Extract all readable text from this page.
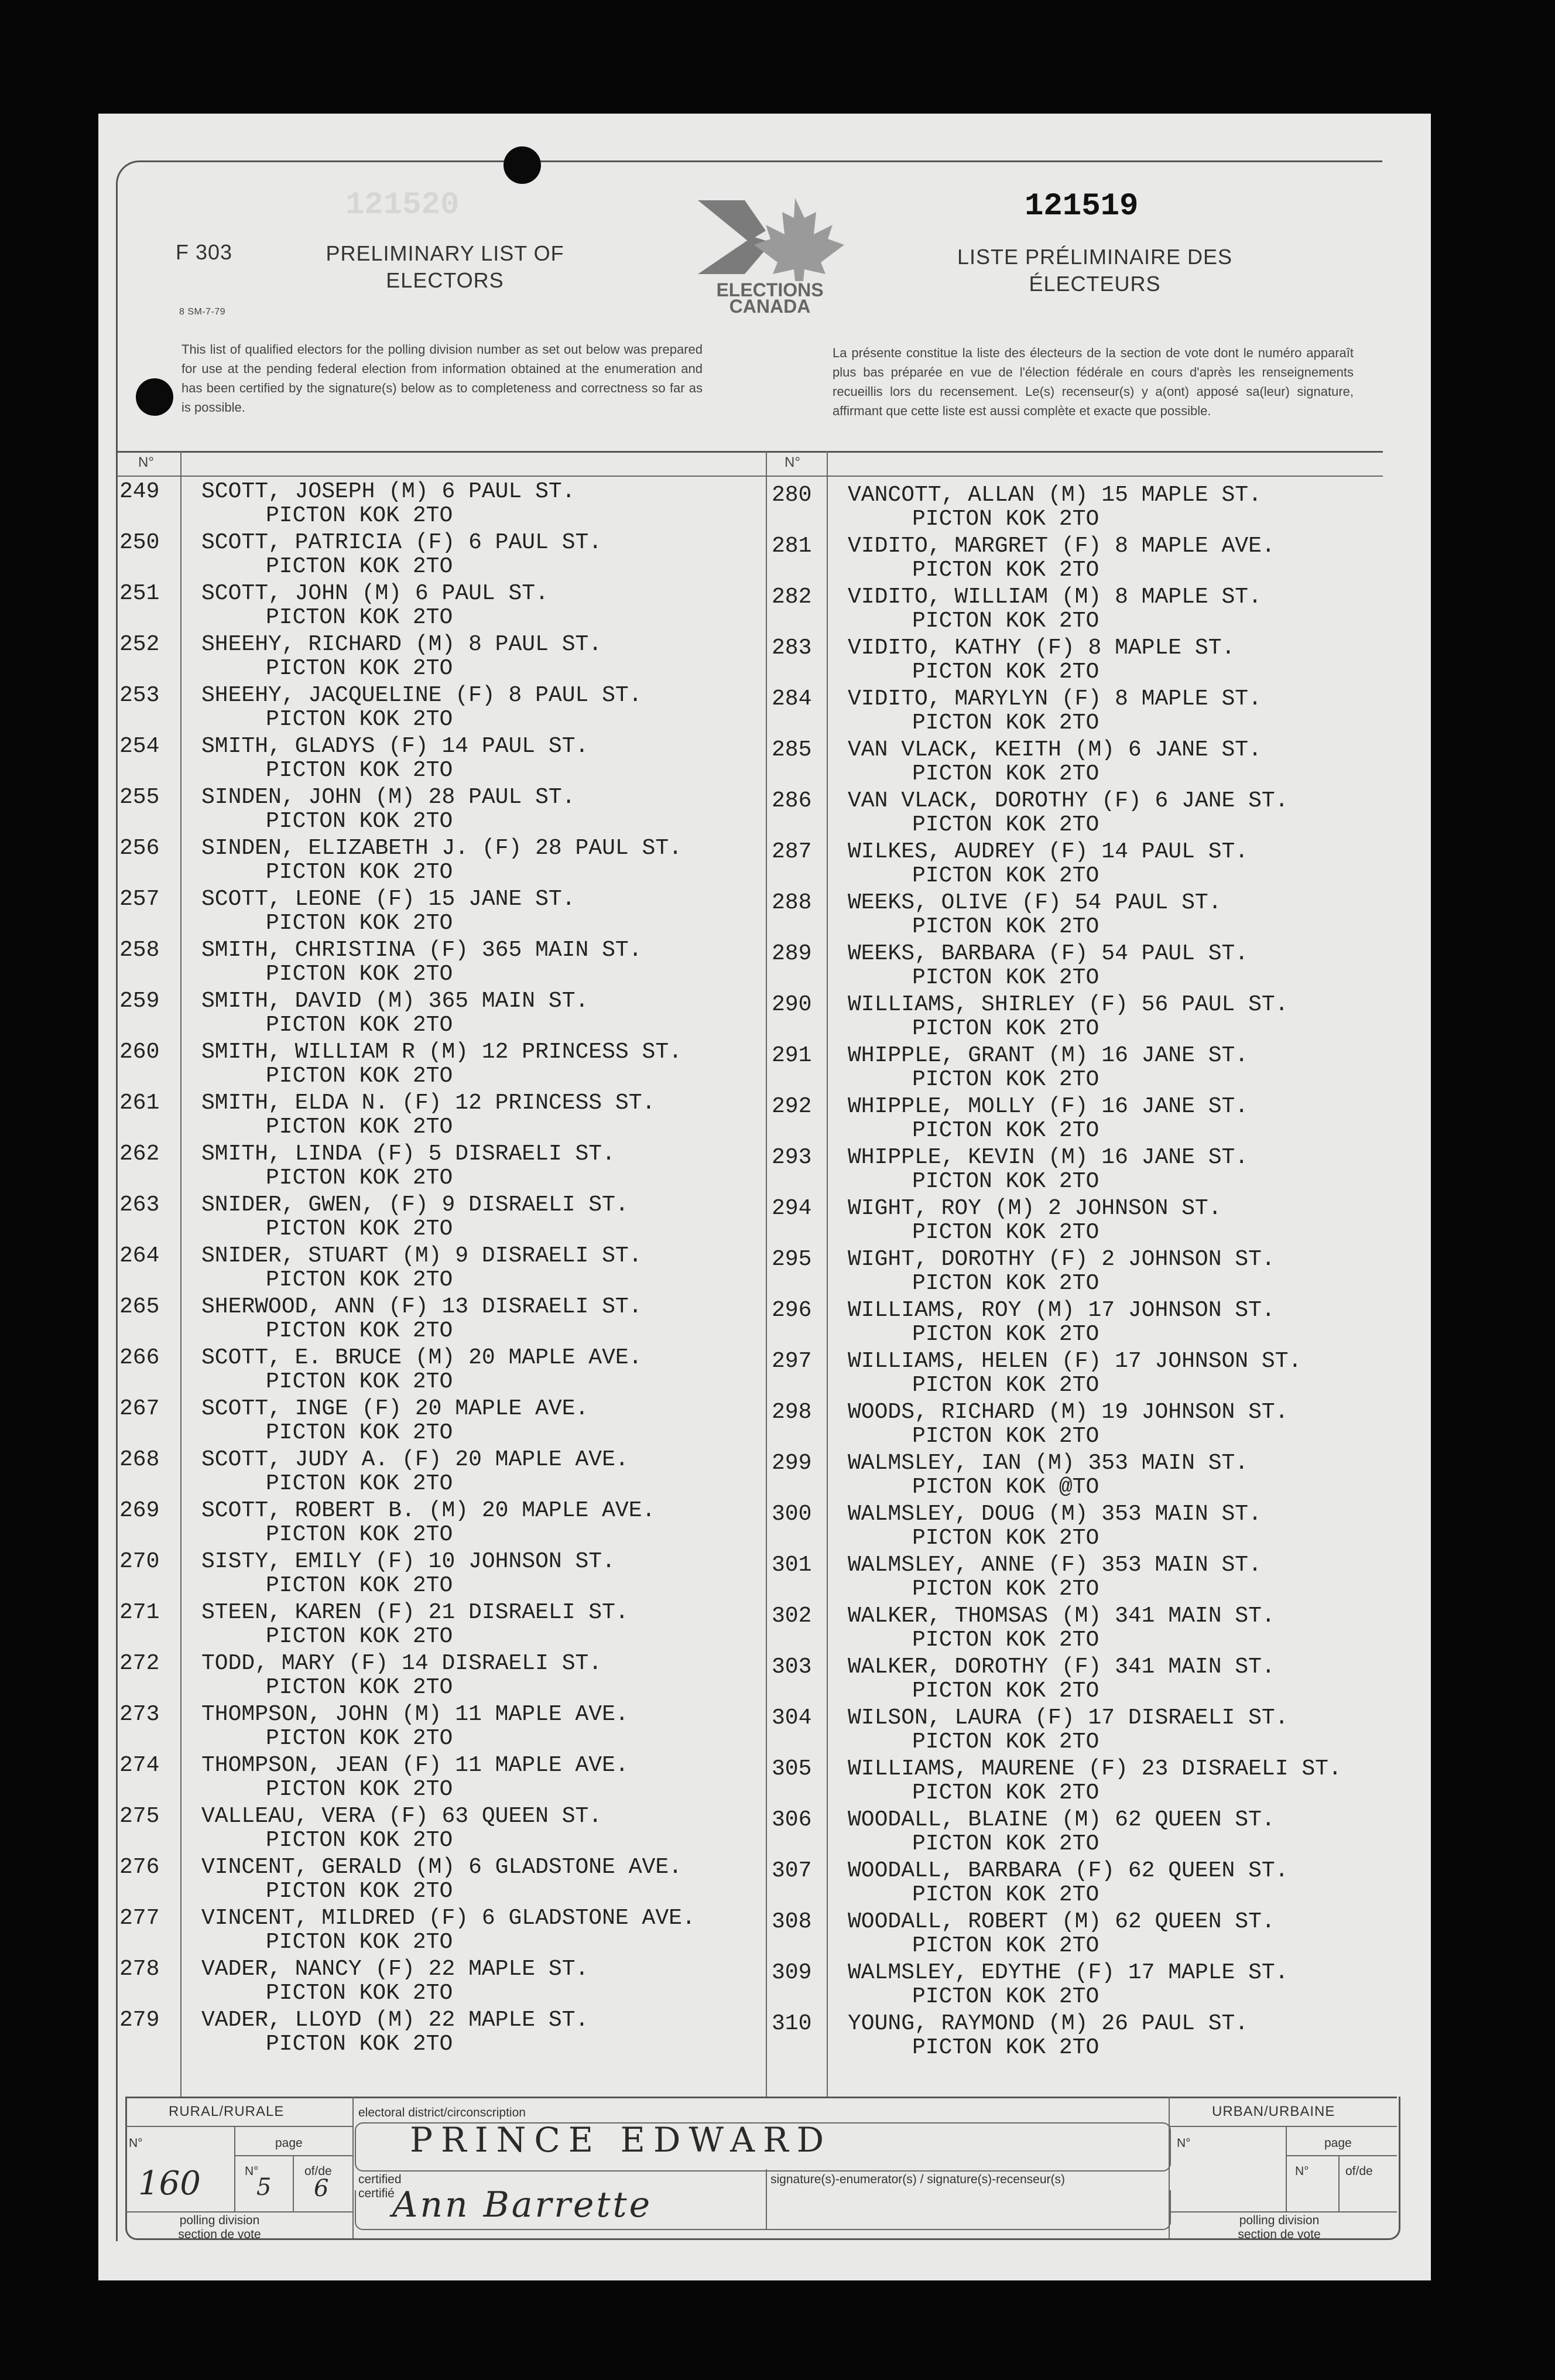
F 303
8 SM-7-79
PRELIMINARY LIST OF ELECTORS
LISTE PRÉLIMINAIRE DES ÉLECTEURS
121520	121519
ELECTIONS
CANADA
This list of qualified electors for the polling division number as set out below was prepared for use at the pending federal election from information obtained at the enumeration and has been certified by the signature(s) below as to completeness and correctness so far as is possible.
La présente constitue la liste des électeurs de la section de vote dont le numéro apparaît plus bas préparée en vue de l'élection fédérale en cours d'après les renseignements recueillis lors du recensement. Le(s) recenseur(s) y a(ont) apposé sa(leur) signature, affirmant que cette liste est aussi complète et exacte que possible.
N°	N°
249	SCOTT, JOSEPH (M) 6 PAUL ST.
PICTON KOK 2TO
250	SCOTT, PATRICIA (F) 6 PAUL ST.
PICTON KOK 2TO
251	SCOTT, JOHN (M) 6 PAUL ST.
PICTON KOK 2TO
252	SHEEHY, RICHARD (M) 8 PAUL ST.
PICTON KOK 2TO
253	SHEEHY, JACQUELINE (F) 8 PAUL ST.
PICTON KOK 2TO
254	SMITH, GLADYS (F) 14 PAUL ST.
PICTON KOK 2TO
255	SINDEN, JOHN (M) 28 PAUL ST.
PICTON KOK 2TO
256	SINDEN, ELIZABETH J. (F) 28 PAUL ST.
PICTON KOK 2TO
257	SCOTT, LEONE (F) 15 JANE ST.
PICTON KOK 2TO
258	SMITH, CHRISTINA (F) 365 MAIN ST.
PICTON KOK 2TO
259	SMITH, DAVID (M) 365 MAIN ST.
PICTON KOK 2TO
260	SMITH, WILLIAM R (M) 12 PRINCESS ST.
PICTON KOK 2TO
261	SMITH, ELDA N. (F) 12 PRINCESS ST.
PICTON KOK 2TO
262	SMITH, LINDA (F) 5 DISRAELI ST.
PICTON KOK 2TO
263	SNIDER, GWEN, (F) 9 DISRAELI ST.
PICTON KOK 2TO
264	SNIDER, STUART (M) 9 DISRAELI ST.
PICTON KOK 2TO
265	SHERWOOD, ANN (F) 13 DISRAELI ST.
PICTON KOK 2TO
266	SCOTT, E. BRUCE (M) 20 MAPLE AVE.
PICTON KOK 2TO
267	SCOTT, INGE (F) 20 MAPLE AVE.
PICTON KOK 2TO
268	SCOTT, JUDY A. (F) 20 MAPLE AVE.
PICTON KOK 2TO
269	SCOTT, ROBERT B. (M) 20 MAPLE AVE.
PICTON KOK 2TO
270	SISTY, EMILY (F) 10 JOHNSON ST.
PICTON KOK 2TO
271	STEEN, KAREN (F) 21 DISRAELI ST.
PICTON KOK 2TO
272	TODD, MARY (F) 14 DISRAELI ST.
PICTON KOK 2TO
273	THOMPSON, JOHN (M) 11 MAPLE AVE.
PICTON KOK 2TO
274	THOMPSON, JEAN (F) 11 MAPLE AVE.
PICTON KOK 2TO
275	VALLEAU, VERA (F) 63 QUEEN ST.
PICTON KOK 2TO
276	VINCENT, GERALD (M) 6 GLADSTONE AVE.
PICTON KOK 2TO
277	VINCENT, MILDRED (F) 6 GLADSTONE AVE.
PICTON KOK 2TO
278	VADER, NANCY (F) 22 MAPLE ST.
PICTON KOK 2TO
279	VADER, LLOYD (M) 22 MAPLE ST.
PICTON KOK 2TO
280	VANCOTT, ALLAN (M) 15 MAPLE ST.
PICTON KOK 2TO
281	VIDITO, MARGRET (F) 8 MAPLE AVE.
PICTON KOK 2TO
282	VIDITO, WILLIAM (M) 8 MAPLE ST.
PICTON KOK 2TO
283	VIDITO, KATHY (F) 8 MAPLE ST.
PICTON KOK 2TO
284	VIDITO, MARYLYN (F) 8 MAPLE ST.
PICTON KOK 2TO
285	VAN VLACK, KEITH (M) 6 JANE ST.
PICTON KOK 2TO
286	VAN VLACK, DOROTHY (F) 6 JANE ST.
PICTON KOK 2TO
287	WILKES, AUDREY (F) 14 PAUL ST.
PICTON KOK 2TO
288	WEEKS, OLIVE (F) 54 PAUL ST.
PICTON KOK 2TO
289	WEEKS, BARBARA (F) 54 PAUL ST.
PICTON KOK 2TO
290	WILLIAMS, SHIRLEY (F) 56 PAUL ST.
PICTON KOK 2TO
291	WHIPPLE, GRANT (M) 16 JANE ST.
PICTON KOK 2TO
292	WHIPPLE, MOLLY (F) 16 JANE ST.
PICTON KOK 2TO
293	WHIPPLE, KEVIN (M) 16 JANE ST.
PICTON KOK 2TO
294	WIGHT, ROY (M) 2 JOHNSON ST.
PICTON KOK 2TO
295	WIGHT, DOROTHY (F) 2 JOHNSON ST.
PICTON KOK 2TO
296	WILLIAMS, ROY (M) 17 JOHNSON ST.
PICTON KOK 2TO
297	WILLIAMS, HELEN (F) 17 JOHNSON ST.
PICTON KOK 2TO
298	WOODS, RICHARD (M) 19 JOHNSON ST.
PICTON KOK 2TO
299	WALMSLEY, IAN (M) 353 MAIN ST.
PICTON KOK @TO
300	WALMSLEY, DOUG (M) 353 MAIN ST.
PICTON KOK 2TO
301	WALMSLEY, ANNE (F) 353 MAIN ST.
PICTON KOK 2TO
302	WALKER, THOMSAS (M) 341 MAIN ST.
PICTON KOK 2TO
303	WALKER, DOROTHY (F) 341 MAIN ST.
PICTON KOK 2TO
304	WILSON, LAURA (F) 17 DISRAELI ST.
PICTON KOK 2TO
305	WILLIAMS, MAURENE (F) 23 DISRAELI ST.
PICTON KOK 2TO
306	WOODALL, BLAINE (M) 62 QUEEN ST.
PICTON KOK 2TO
307	WOODALL, BARBARA (F) 62 QUEEN ST.
PICTON KOK 2TO
308	WOODALL, ROBERT (M) 62 QUEEN ST.
PICTON KOK 2TO
309	WALMSLEY, EDYTHE (F) 17 MAPLE ST.
PICTON KOK 2TO
310	YOUNG, RAYMOND (M) 26 PAUL ST.
PICTON KOK 2TO
RURAL/RURALE
N°	page
N°	of/de
160 5 6
polling division
section de vote
electoral district/circonscription
PRINCE EDWARD
certified
certifié
signature(s)-enumerator(s) / signature(s)-recenseur(s)
Ann Barrette
URBAN/URBAINE
N°	page
N°	of/de
polling division
section de vote
